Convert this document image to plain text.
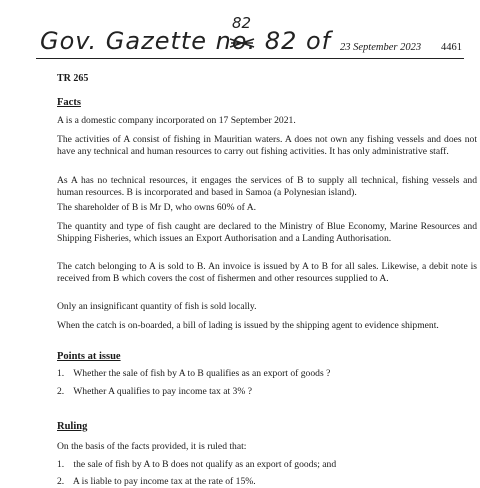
Gov. Gazette no. 82 of
82
23 September 2023 4461
TR 265
Facts
A is a domestic company incorporated on 17 September 2021.
The activities of A consist of fishing in Mauritian waters. A does not own any fishing vessels and does not have any technical and human resources to carry out fishing activities. It has only administrative staff.
As A has no technical resources, it engages the services of B to supply all technical, fishing vessels and human resources. B is incorporated and based in Samoa (a Polynesian island).
The shareholder of B is Mr D, who owns 60% of A.
The quantity and type of fish caught are declared to the Ministry of Blue Economy, Marine Resources and Shipping Fisheries, which issues an Export Authorisation and a Landing Authorisation.
The catch belonging to A is sold to B. An invoice is issued by A to B for all sales. Likewise, a debit note is received from B which covers the cost of fishermen and other resources supplied to A.
Only an insignificant quantity of fish is sold locally.
When the catch is on-boarded, a bill of lading is issued by the shipping agent to evidence shipment.
Points at issue
1. Whether the sale of fish by A to B qualifies as an export of goods ?
2. Whether A qualifies to pay income tax at 3% ?
Ruling
On the basis of the facts provided, it is ruled that:
1. the sale of fish by A to B does not qualify as an export of goods; and
2. A is liable to pay income tax at the rate of 15%.
